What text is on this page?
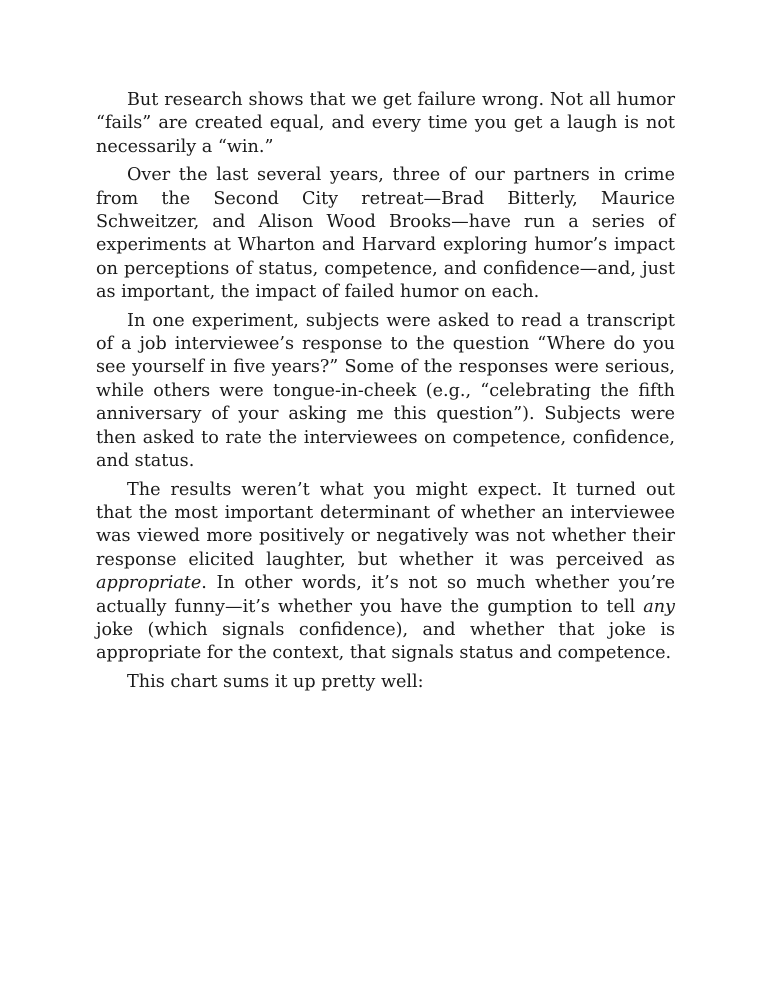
But research shows that we get failure wrong. Not all humor “fails” are created equal, and every time you get a laugh is not necessarily a “win.”

Over the last several years, three of our partners in crime from the Second City retreat—Brad Bitterly, Maurice Schweitzer, and Alison Wood Brooks—have run a series of experiments at Wharton and Harvard exploring humor’s impact on perceptions of status, competence, and confidence—and, just as important, the impact of failed humor on each.

In one experiment, subjects were asked to read a transcript of a job interviewee’s response to the question “Where do you see yourself in five years?” Some of the responses were serious, while others were tongue-in-cheek (e.g., “celebrating the fifth anniversary of your asking me this question”). Subjects were then asked to rate the interviewees on competence, confidence, and status.

The results weren’t what you might expect. It turned out that the most important determinant of whether an interviewee was viewed more positively or negatively was not whether their response elicited laughter, but whether it was perceived as appropriate. In other words, it’s not so much whether you’re actually funny—it’s whether you have the gumption to tell any joke (which signals confidence), and whether that joke is appropriate for the context, that signals status and competence.

This chart sums it up pretty well:
